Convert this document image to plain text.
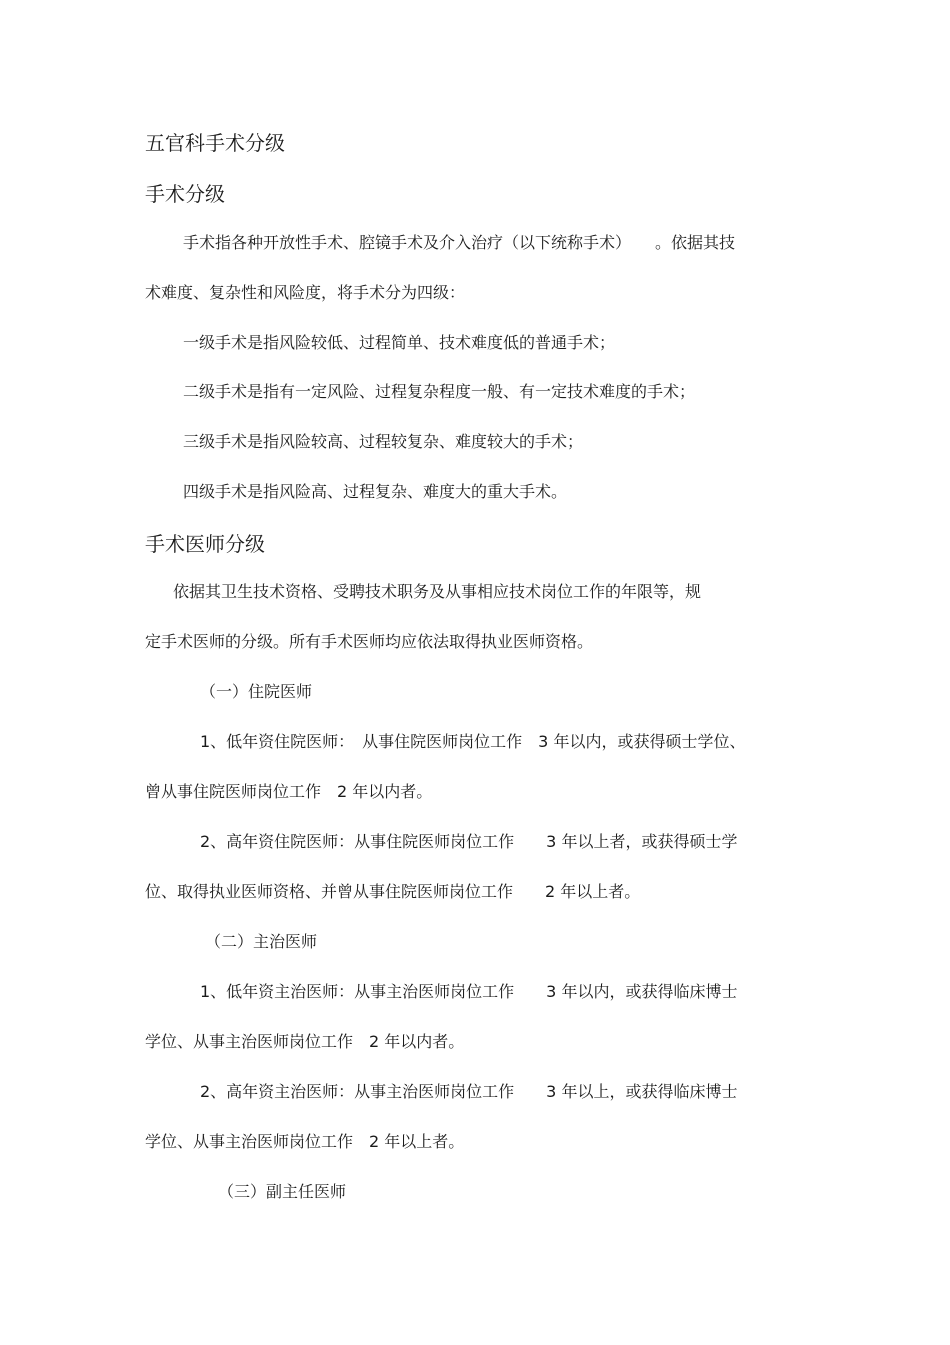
五官科手术分级
手术分级
手术指各种开放性手术、腔镜手术及介入治疗（以下统称手术）　　。依据其技
术难度、复杂性和风险度，将手术分为四级：
一级手术是指风险较低、过程简单、技术难度低的普通手术；
二级手术是指有一定风险、过程复杂程度一般、有一定技术难度的手术；
三级手术是指风险较高、过程较复杂、难度较大的手术；
四级手术是指风险高、过程复杂、难度大的重大手术。
手术医师分级
依据其卫生技术资格、受聘技术职务及从事相应技术岗位工作的年限等，规
定手术医师的分级。所有手术医师均应依法取得执业医师资格。
（一）住院医师
1、低年资住院医师：　从事住院医师岗位工作　3 年以内，或获得硕士学位、
曾从事住院医师岗位工作　2 年以内者。
2、高年资住院医师：从事住院医师岗位工作　　3 年以上者，或获得硕士学
位、取得执业医师资格、并曾从事住院医师岗位工作　　2 年以上者。
（二）主治医师
1、低年资主治医师：从事主治医师岗位工作　　3 年以内，或获得临床博士
学位、从事主治医师岗位工作　2 年以内者。
2、高年资主治医师：从事主治医师岗位工作　　3 年以上，或获得临床博士
学位、从事主治医师岗位工作　2 年以上者。
（三）副主任医师
